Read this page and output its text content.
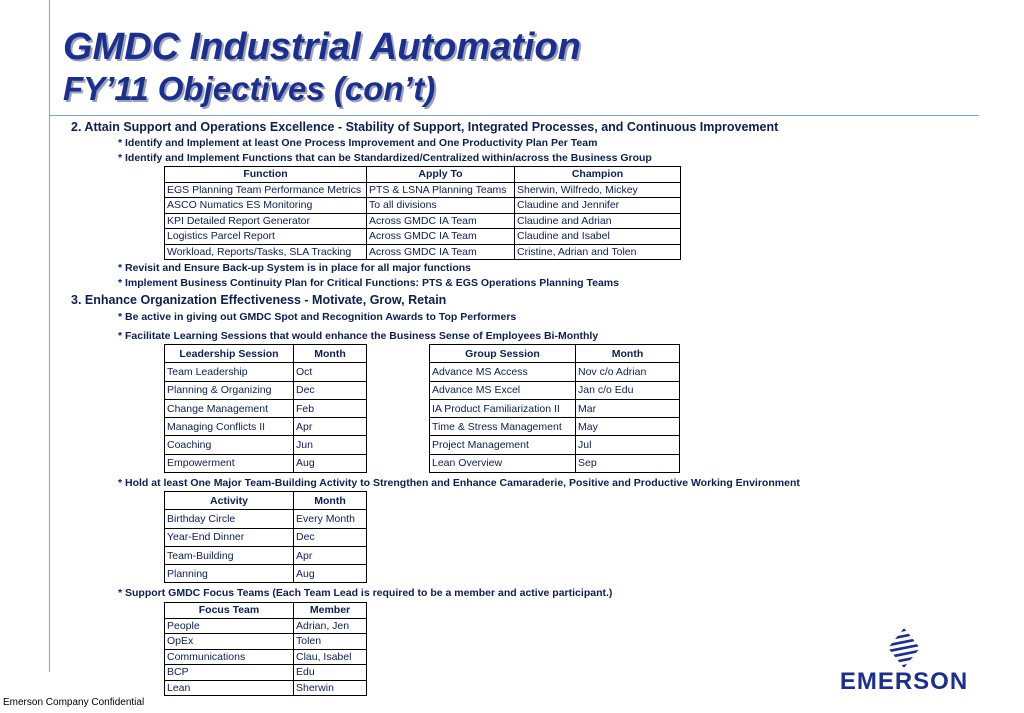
GMDC Industrial Automation
FY’11 Objectives (con’t)
2. Attain Support and Operations Excellence - Stability of Support, Integrated Processes, and Continuous Improvement
* Identify and Implement at least One Process Improvement and One Productivity Plan Per Team
* Identify and Implement Functions that can be Standardized/Centralized within/across the Business Group
Function	Apply To	Champion
EGS Planning Team Performance Metrics	PTS & LSNA Planning Teams	Sherwin, Wilfredo, Mickey
ASCO Numatics ES Monitoring	To all divisions	Claudine and Jennifer
KPI Detailed Report Generator	Across GMDC IA Team	Claudine and Adrian
Logistics Parcel Report	Across GMDC IA Team	Claudine and Isabel
Workload, Reports/Tasks, SLA Tracking	Across GMDC IA Team	Cristine, Adrian and Tolen
* Revisit and Ensure Back-up System is in place for all major functions
* Implement Business Continuity Plan for Critical Functions: PTS & EGS Operations Planning Teams
3. Enhance Organization Effectiveness - Motivate, Grow, Retain
* Be active in giving out GMDC Spot and Recognition Awards to Top Performers
* Facilitate Learning Sessions that would enhance the Business Sense of Employees Bi-Monthly
Leadership Session	Month
Team Leadership	Oct
Planning & Organizing	Dec
Change Management	Feb
Managing Conflicts II	Apr
Coaching	Jun
Empowerment	Aug
Group Session	Month
Advance MS Access	Nov c/o Adrian
Advance MS Excel	Jan c/o Edu
IA Product Familiarization II	Mar
Time & Stress Management	May
Project Management	Jul
Lean Overview	Sep
* Hold at least One Major Team-Building Activity to Strengthen and Enhance Camaraderie, Positive and Productive Working Environment
Activity	Month
Birthday Circle	Every Month
Year-End Dinner	Dec
Team-Building	Apr
Planning	Aug
* Support GMDC Focus Teams (Each Team Lead is required to be a member and active participant.)
Focus Team	Member
People	Adrian, Jen
OpEx	Tolen
Communications	Clau, Isabel
BCP	Edu
Lean	Sherwin
Emerson Company Confidential
EMERSON
